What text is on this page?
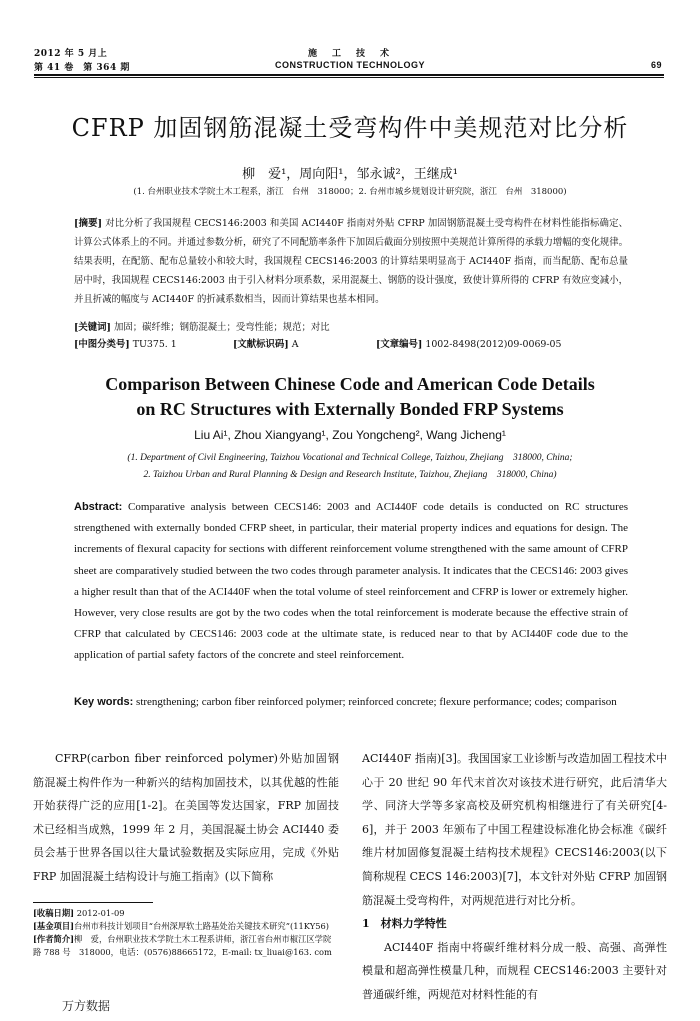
2012 年 5 月上
第 41 卷　第 364 期
施　工　技　术
CONSTRUCTION TECHNOLOGY	69
CFRP 加固钢筋混凝土受弯构件中美规范对比分析
柳　爱¹，周向阳¹，邹永诚²，王继成¹
(1. 台州职业技术学院土木工程系，浙江　台州　318000；2. 台州市城乡规划设计研究院，浙江　台州　318000)
[摘要] 对比分析了我国规程 CECS146:2003 和美国 ACI440F 指南对外贴 CFRP 加固钢筋混凝土受弯构件在材料性能指标确定、计算公式体系上的不同。并通过参数分析，研究了不同配筋率条件下加固后截面分别按照中美规范计算所得的承载力增幅的变化规律。结果表明，在配筋、配布总量较小和较大时，我国规程 CECS146:2003 的计算结果明显高于 ACI440F 指南，而当配筋、配布总量居中时，我国规程 CECS146:2003 由于引入材料分项系数，采用混凝土、钢筋的设计强度，致使计算所得的 CFRP 有效应变减小，并且折减的幅度与 ACI440F 的折减系数相当，因而计算结果也基本相同。
[关键词] 加固；碳纤维；钢筋混凝土；受弯性能；规范；对比
[中图分类号] TU375. 1	[文献标识码] A	[文章编号] 1002-8498(2012)09-0069-05
Comparison Between Chinese Code and American Code Details
on RC Structures with Externally Bonded FRP Systems
Liu Ai¹, Zhou Xiangyang¹, Zou Yongcheng², Wang Jicheng¹
(1. Department of Civil Engineering, Taizhou Vocational and Technical College, Taizhou, Zhejiang　318000, China;
2. Taizhou Urban and Rural Planning & Design and Research Institute, Taizhou, Zhejiang　318000, China)
Abstract: Comparative analysis between CECS146: 2003 and ACI440F code details is conducted on RC structures strengthened with externally bonded CFRP sheet, in particular, their material property indices and equations for design. The increments of flexural capacity for sections with different reinforcement volume strengthened with the same amount of CFRP sheet are comparatively studied between the two codes through parameter analysis. It indicates that the CECS146: 2003 gives a higher result than that of the ACI440F when the total volume of steel reinforcement and CFRP is lower or extremely higher. However, very close results are got by the two codes when the total reinforcement is moderate because the effective strain of CFRP that calculated by CECS146: 2003 code at the ultimate state, is reduced near to that by ACI440F code due to the application of partial safety factors of the concrete and steel reinforcement.
Key words: strengthening; carbon fiber reinforced polymer; reinforced concrete; flexure performance; codes; comparison
CFRP(carbon fiber reinforced polymer)外贴加固钢筋混凝土构件作为一种新兴的结构加固技术，以其优越的性能开始获得广泛的应用[1-2]。在美国等发达国家，FRP 加固技术已经相当成熟，1999 年 2 月，美国混凝土协会 ACI440 委员会基于世界各国以往大量试验数据及实际应用，完成《外贴 FRP 加固混凝土结构设计与施工指南》(以下简称
[收稿日期] 2012-01-09
[基金项目]台州市科技计划项目“台州深厚软土路基处治关键技术研究”(11KY56)
[作者简介]柳　爱，台州职业技术学院土木工程系讲师，浙江省台州市椒江区学院路 788 号　318000，电话：(0576)88665172，E-mail: tx_liuai@163. com
ACI440F 指南)[3]。我国国家工业诊断与改造加固工程技术中心于 20 世纪 90 年代末首次对该技术进行研究，此后清华大学、同济大学等多家高校及研究机构相继进行了有关研究[4-6]，并于 2003 年颁布了中国工程建设标准化协会标准《碳纤维片材加固修复混凝土结构技术规程》CECS146:2003(以下简称规程 CECS 146:2003)[7]，本文针对外贴 CFRP 加固钢筋混凝土受弯构件，对两规范进行对比分析。
1　材料力学特性
ACI440F 指南中将碳纤维材料分成一般、高强、高弹性模量和超高弹性模量几种，而规程 CECS146:2003 主要针对普通碳纤维，两规范对材料性能的有
万方数据
